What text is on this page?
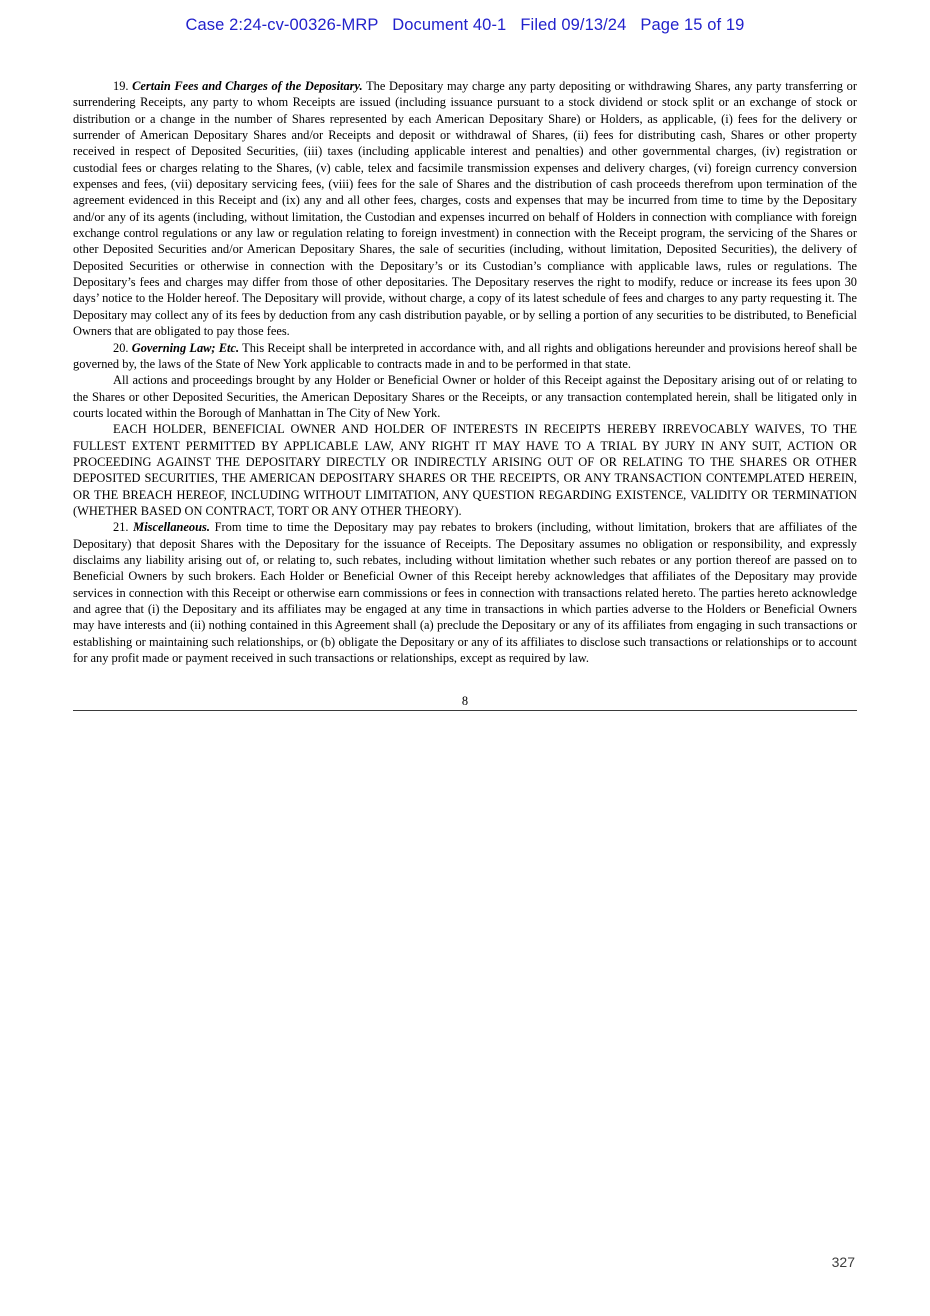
Case 2:24-cv-00326-MRP   Document 40-1   Filed 09/13/24   Page 15 of 19

19. Certain Fees and Charges of the Depositary. The Depositary may charge any party depositing or withdrawing Shares, any party transferring or surrendering Receipts, any party to whom Receipts are issued (including issuance pursuant to a stock dividend or stock split or an exchange of stock or distribution or a change in the number of Shares represented by each American Depositary Share) or Holders, as applicable, (i) fees for the delivery or surrender of American Depositary Shares and/or Receipts and deposit or withdrawal of Shares, (ii) fees for distributing cash, Shares or other property received in respect of Deposited Securities, (iii) taxes (including applicable interest and penalties) and other governmental charges, (iv) registration or custodial fees or charges relating to the Shares, (v) cable, telex and facsimile transmission expenses and delivery charges, (vi) foreign currency conversion expenses and fees, (vii) depositary servicing fees, (viii) fees for the sale of Shares and the distribution of cash proceeds therefrom upon termination of the agreement evidenced in this Receipt and (ix) any and all other fees, charges, costs and expenses that may be incurred from time to time by the Depositary and/or any of its agents (including, without limitation, the Custodian and expenses incurred on behalf of Holders in connection with compliance with foreign exchange control regulations or any law or regulation relating to foreign investment) in connection with the Receipt program, the servicing of the Shares or other Deposited Securities and/or American Depositary Shares, the sale of securities (including, without limitation, Deposited Securities), the delivery of Deposited Securities or otherwise in connection with the Depositary’s or its Custodian’s compliance with applicable laws, rules or regulations. The Depositary’s fees and charges may differ from those of other depositaries. The Depositary reserves the right to modify, reduce or increase its fees upon 30 days’ notice to the Holder hereof. The Depositary will provide, without charge, a copy of its latest schedule of fees and charges to any party requesting it. The Depositary may collect any of its fees by deduction from any cash distribution payable, or by selling a portion of any securities to be distributed, to Beneficial Owners that are obligated to pay those fees.

20. Governing Law; Etc. This Receipt shall be interpreted in accordance with, and all rights and obligations hereunder and provisions hereof shall be governed by, the laws of the State of New York applicable to contracts made in and to be performed in that state.

All actions and proceedings brought by any Holder or Beneficial Owner or holder of this Receipt against the Depositary arising out of or relating to the Shares or other Deposited Securities, the American Depositary Shares or the Receipts, or any transaction contemplated herein, shall be litigated only in courts located within the Borough of Manhattan in The City of New York.

EACH HOLDER, BENEFICIAL OWNER AND HOLDER OF INTERESTS IN RECEIPTS HEREBY IRREVOCABLY WAIVES, TO THE FULLEST EXTENT PERMITTED BY APPLICABLE LAW, ANY RIGHT IT MAY HAVE TO A TRIAL BY JURY IN ANY SUIT, ACTION OR PROCEEDING AGAINST THE DEPOSITARY DIRECTLY OR INDIRECTLY ARISING OUT OF OR RELATING TO THE SHARES OR OTHER DEPOSITED SECURITIES, THE AMERICAN DEPOSITARY SHARES OR THE RECEIPTS, OR ANY TRANSACTION CONTEMPLATED HEREIN, OR THE BREACH HEREOF, INCLUDING WITHOUT LIMITATION, ANY QUESTION REGARDING EXISTENCE, VALIDITY OR TERMINATION (WHETHER BASED ON CONTRACT, TORT OR ANY OTHER THEORY).

21. Miscellaneous. From time to time the Depositary may pay rebates to brokers (including, without limitation, brokers that are affiliates of the Depositary) that deposit Shares with the Depositary for the issuance of Receipts. The Depositary assumes no obligation or responsibility, and expressly disclaims any liability arising out of, or relating to, such rebates, including without limitation whether such rebates or any portion thereof are passed on to Beneficial Owners by such brokers. Each Holder or Beneficial Owner of this Receipt hereby acknowledges that affiliates of the Depositary may provide services in connection with this Receipt or otherwise earn commissions or fees in connection with transactions related hereto. The parties hereto acknowledge and agree that (i) the Depositary and its affiliates may be engaged at any time in transactions in which parties adverse to the Holders or Beneficial Owners may have interests and (ii) nothing contained in this Agreement shall (a) preclude the Depositary or any of its affiliates from engaging in such transactions or establishing or maintaining such relationships, or (b) obligate the Depositary or any of its affiliates to disclose such transactions or relationships or to account for any profit made or payment received in such transactions or relationships, except as required by law.

8
327
